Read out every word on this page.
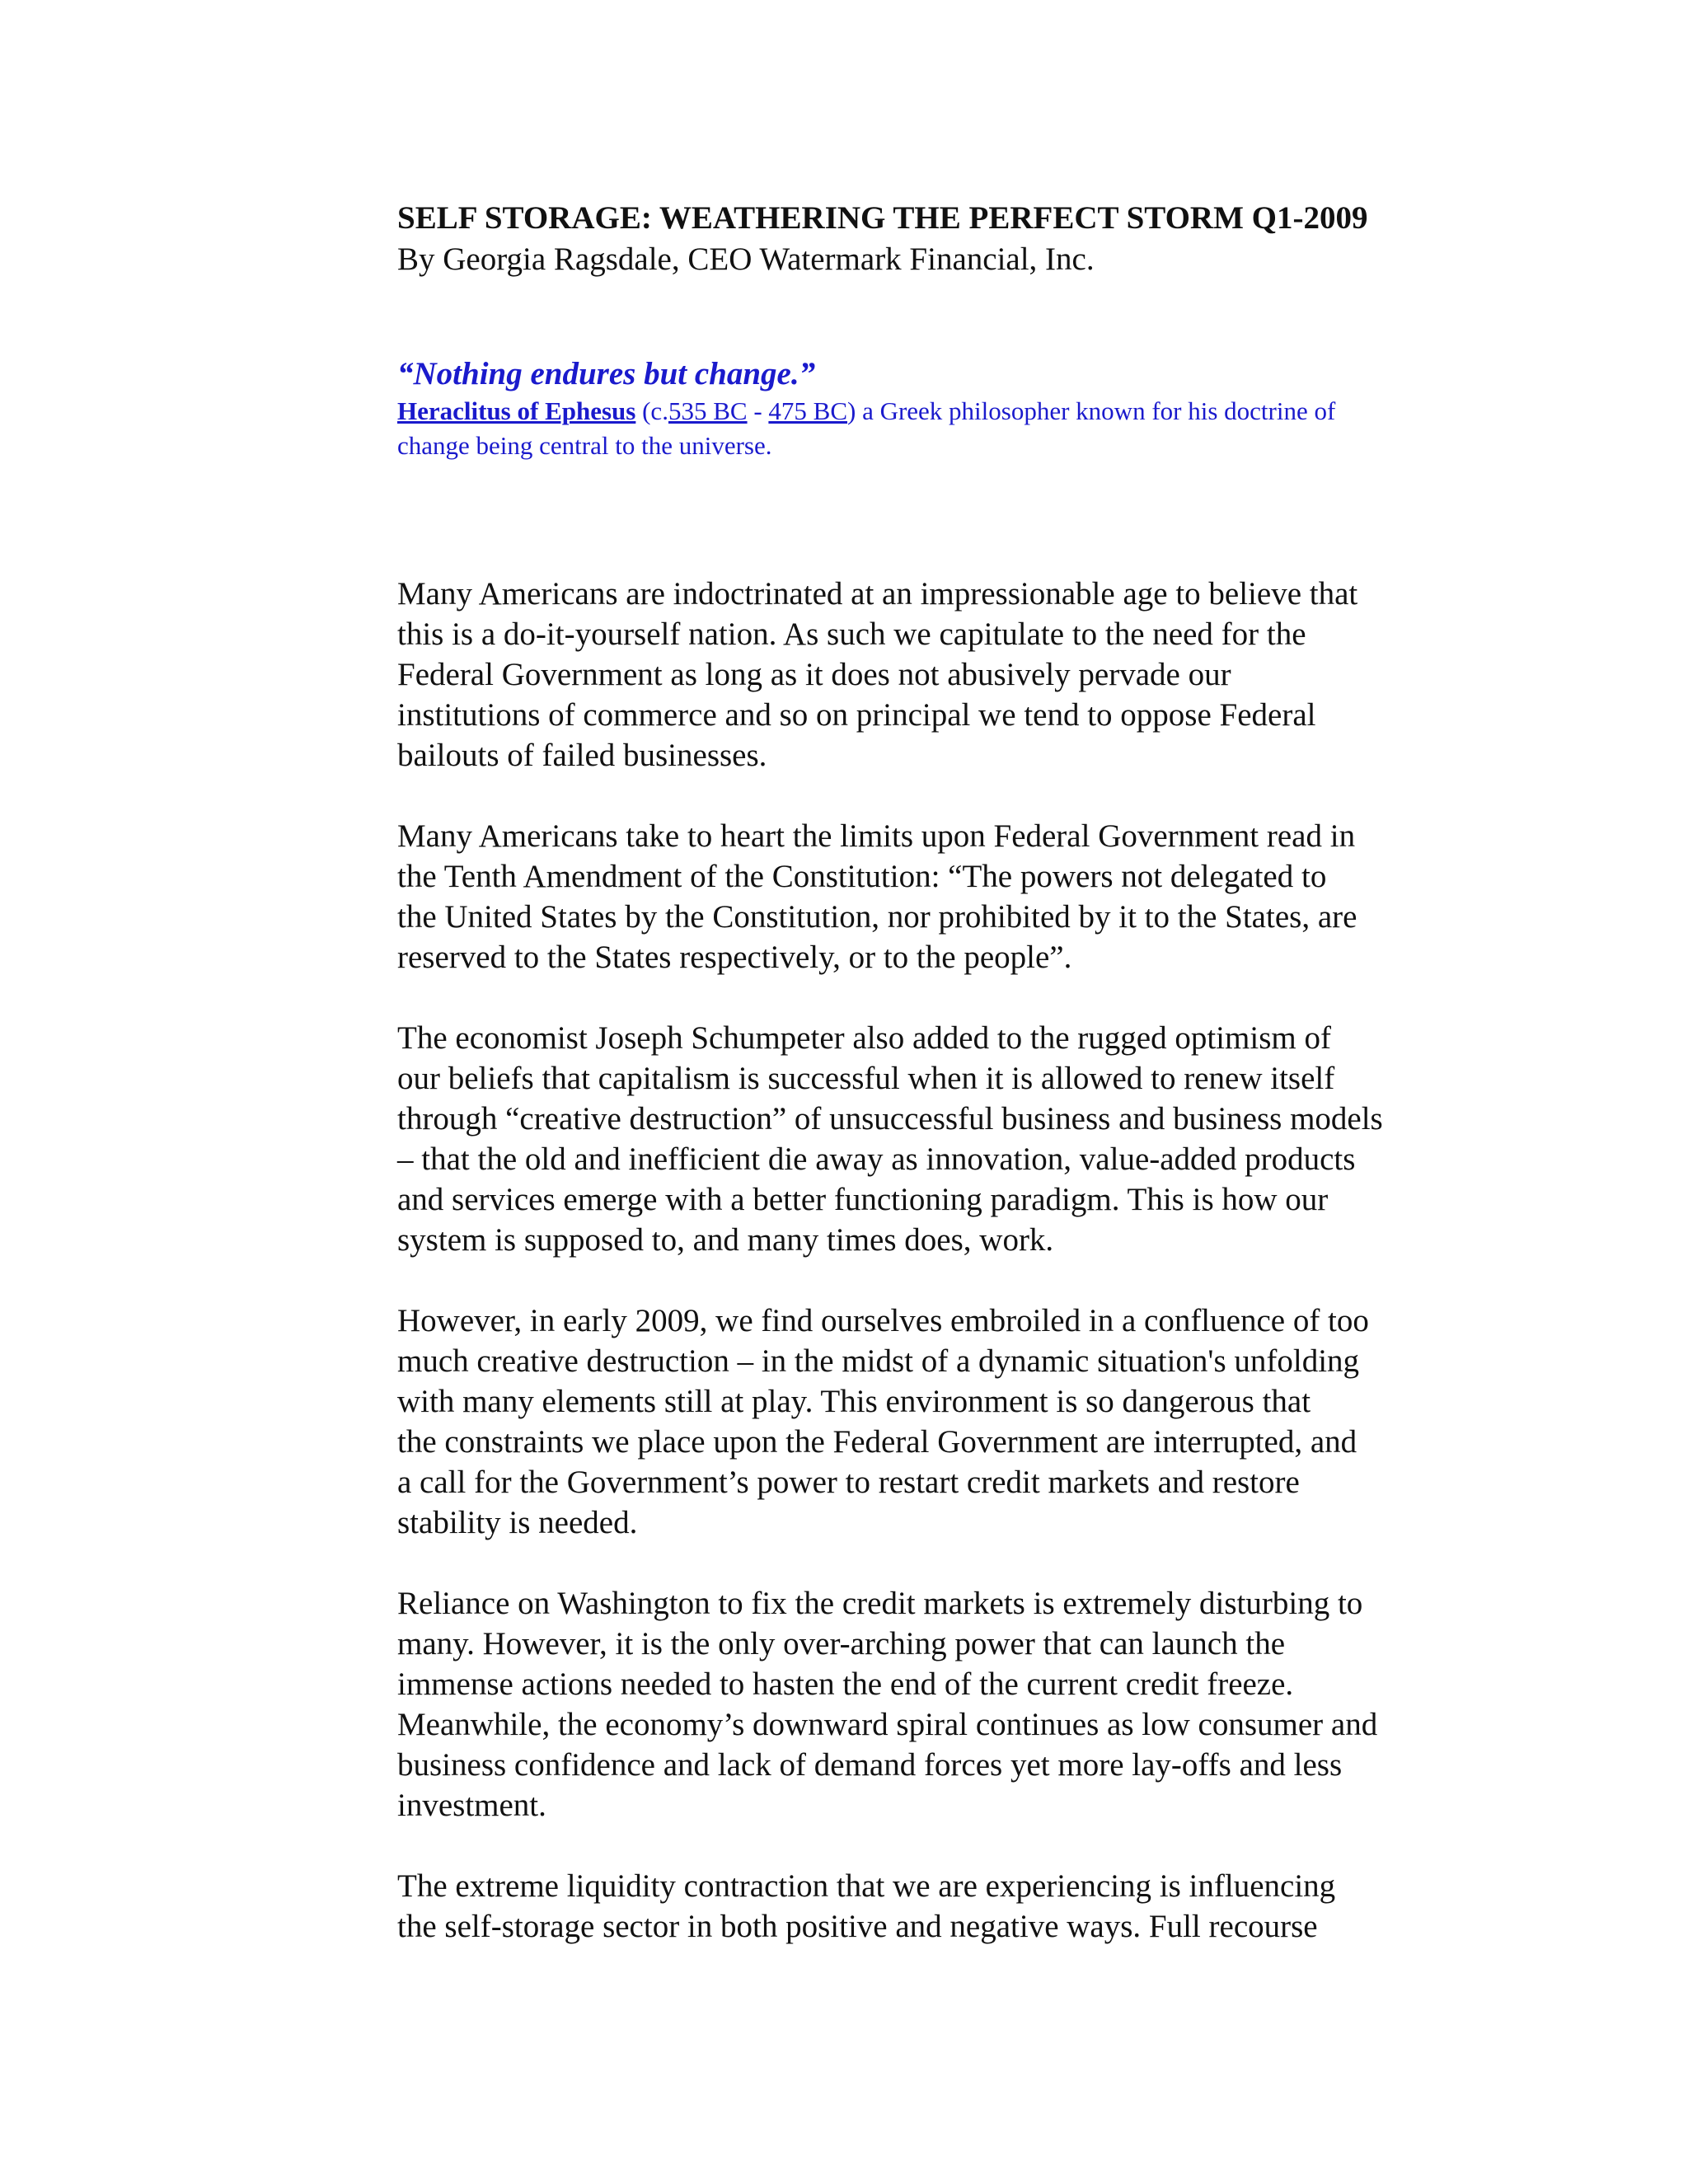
SELF STORAGE: WEATHERING THE PERFECT STORM Q1-2009

By Georgia Ragsdale, CEO Watermark Financial, Inc.

“Nothing endures but change.”

Heraclitus of Ephesus (c.535 BC - 475 BC) a Greek philosopher known for his doctrine of
change being central to the universe.

Many Americans are indoctrinated at an impressionable age to believe that
this is a do-it-yourself nation. As such we capitulate to the need for the
Federal Government as long as it does not abusively pervade our
institutions of commerce and so on principal we tend to oppose Federal
bailouts of failed businesses.

Many Americans take to heart the limits upon Federal Government read in
the Tenth Amendment of the Constitution: “The powers not delegated to
the United States by the Constitution, nor prohibited by it to the States, are
reserved to the States respectively, or to the people”.

The economist Joseph Schumpeter also added to the rugged optimism of
our beliefs that capitalism is successful when it is allowed to renew itself
through “creative destruction” of unsuccessful business and business models
– that the old and inefficient die away as innovation, value-added products
and services emerge with a better functioning paradigm. This is how our
system is supposed to, and many times does, work.

However, in early 2009, we find ourselves embroiled in a confluence of too
much creative destruction – in the midst of a dynamic situation's unfolding
with many elements still at play. This environment is so dangerous that
the constraints we place upon the Federal Government are interrupted, and
a call for the Government’s power to restart credit markets and restore
stability is needed.

Reliance on Washington to fix the credit markets is extremely disturbing to
many. However, it is the only over-arching power that can launch the
immense actions needed to hasten the end of the current credit freeze.
Meanwhile, the economy’s downward spiral continues as low consumer and
business confidence and lack of demand forces yet more lay-offs and less
investment.

The extreme liquidity contraction that we are experiencing is influencing
the self-storage sector in both positive and negative ways. Full recourse
